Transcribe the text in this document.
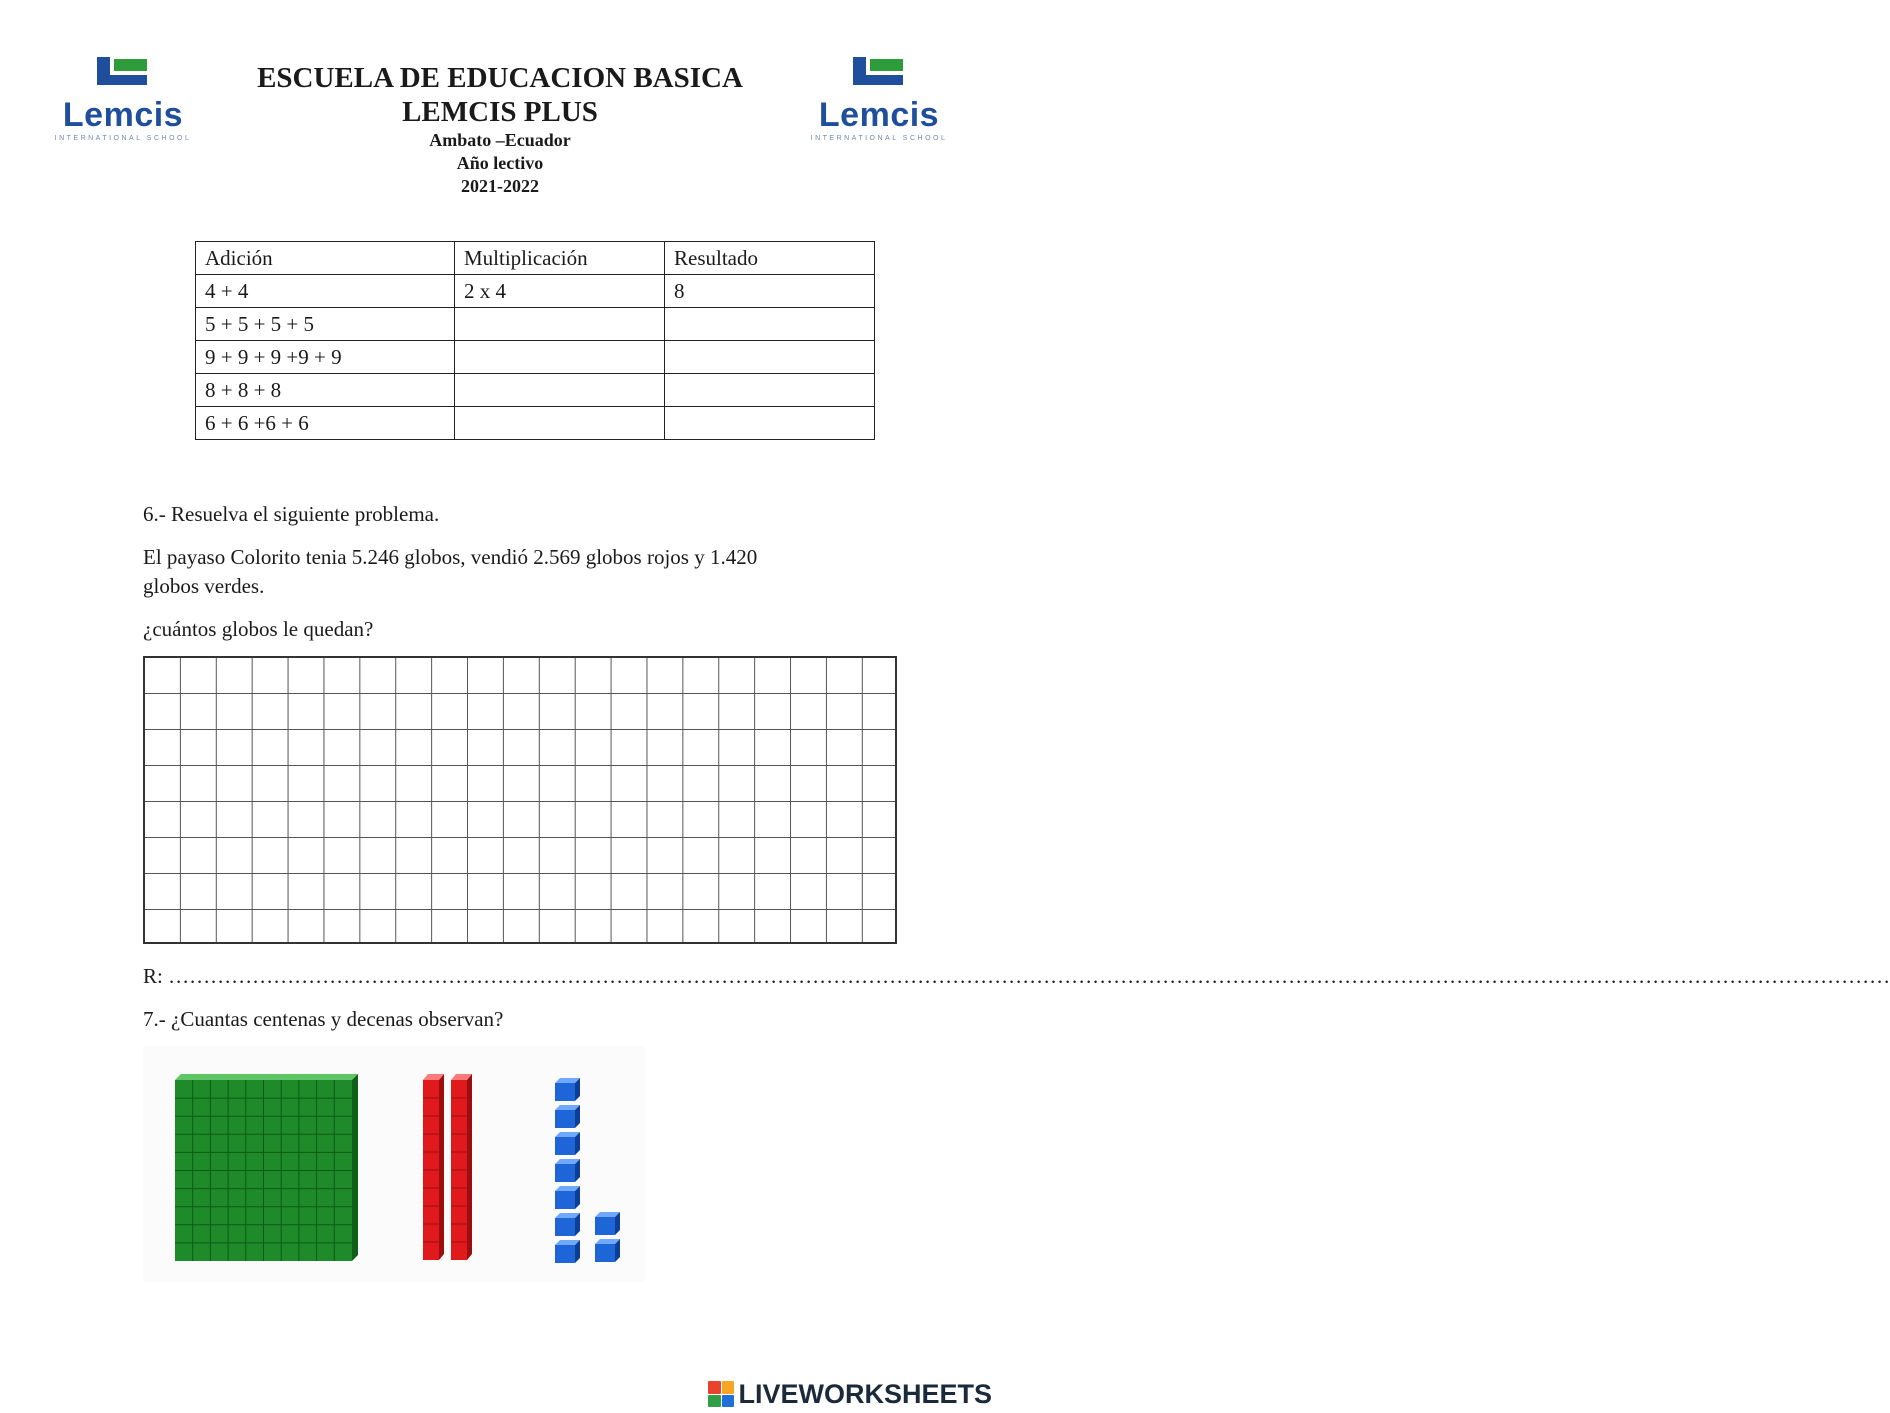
Lemcis
INTERNATIONAL SCHOOL
Lemcis
INTERNATIONAL SCHOOL
ESCUELA DE EDUCACION BASICA
LEMCIS PLUS
Ambato –Ecuador
Año lectivo
2021-2022
Adición	Multiplicación	Resultado
4 + 4	2 x 4	8
5 + 5 + 5 + 5		
9 + 9 + 9 +9 + 9		
8 + 8 + 8		
6 + 6 +6 + 6		
6.- Resuelva el siguiente problema.
El payaso Colorito tenia 5.246 globos, vendió 2.569 globos rojos y 1.420
globos verdes.
¿cuántos globos le quedan?
R: …………………………………………………………………………………………………………………………………………………………………………………………………………………………
7.- ¿Cuantas centenas y decenas observan?
LIVEWORKSHEETS
